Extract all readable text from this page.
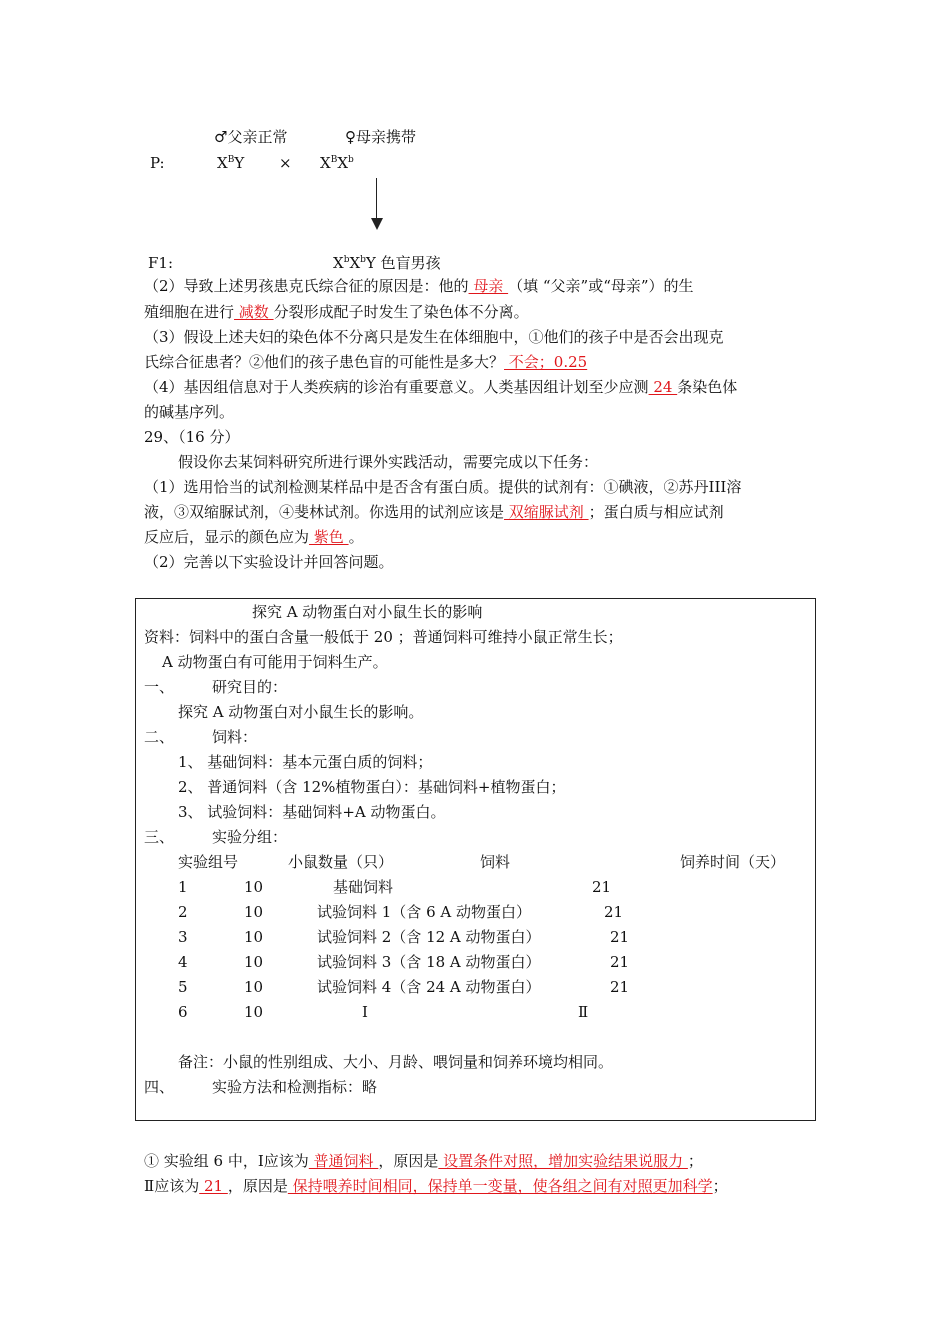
♂父亲正常	♀母亲携带
P:	$X^BY \times X^BX^b$
F1:	$X^bX^bY$ 色盲男孩
（2）导致上述男孩患克氏综合征的原因是：他的 母亲 （填 “父亲”或“母亲”）的生
殖细胞在进行 减数 分裂形成配子时发生了染色体不分离。
（3）假设上述夫妇的染色体不分离只是发生在体细胞中，①他们的孩子中是否会出现克
氏综合征患者？②他们的孩子患色盲的可能性是多大？ 不会；0.25
（4）基因组信息对于人类疾病的诊治有重要意义。人类基因组计划至少应测 24 条染色体
的碱基序列。
29、（16 分）
假设你去某饲料研究所进行课外实践活动，需要完成以下任务：
（1）选用恰当的试剂检测某样品中是否含有蛋白质。提供的试剂有：①碘液，②苏丹III溶
液，③双缩脲试剂，④斐林试剂。你选用的试剂应该是 双缩脲试剂 ；蛋白质与相应试剂
反应后，显示的颜色应为 紫色 。
（2）完善以下实验设计并回答问题。
探究 A 动物蛋白对小鼠生长的影响
资料：饲料中的蛋白含量一般低于 20 ；普通饲料可维持小鼠正常生长；
A 动物蛋白有可能用于饲料生产。
一、	研究目的：
探究 A 动物蛋白对小鼠生长的影响。
二、	饲料：
1、 基础饲料：基本元蛋白质的饲料；
2、 普通饲料（含 12%植物蛋白）：基础饲料+植物蛋白；
3、 试验饲料：基础饲料+A 动物蛋白。
三、	实验分组：
实验组号	小鼠数量（只）	饲料	饲养时间（天）
1	10	基础饲料	21
2	10	试验饲料 1（含 6 A 动物蛋白）	21
3	10	试验饲料 2（含 12 A 动物蛋白）	21
4	10	试验饲料 3（含 18 A 动物蛋白）	21
5	10	试验饲料 4（含 24 A 动物蛋白）	21
6	10	Ⅰ	Ⅱ
备注：小鼠的性别组成、大小、月龄、喂饲量和饲养环境均相同。
四、	实验方法和检测指标：略
① 实验组 6 中，Ⅰ应该为 普通饲料 ，原因是 设置条件对照，增加实验结果说服力 ；
Ⅱ应该为 21 ，原因是 保持喂养时间相同，保持单一变量，使各组之间有对照更加科学；
